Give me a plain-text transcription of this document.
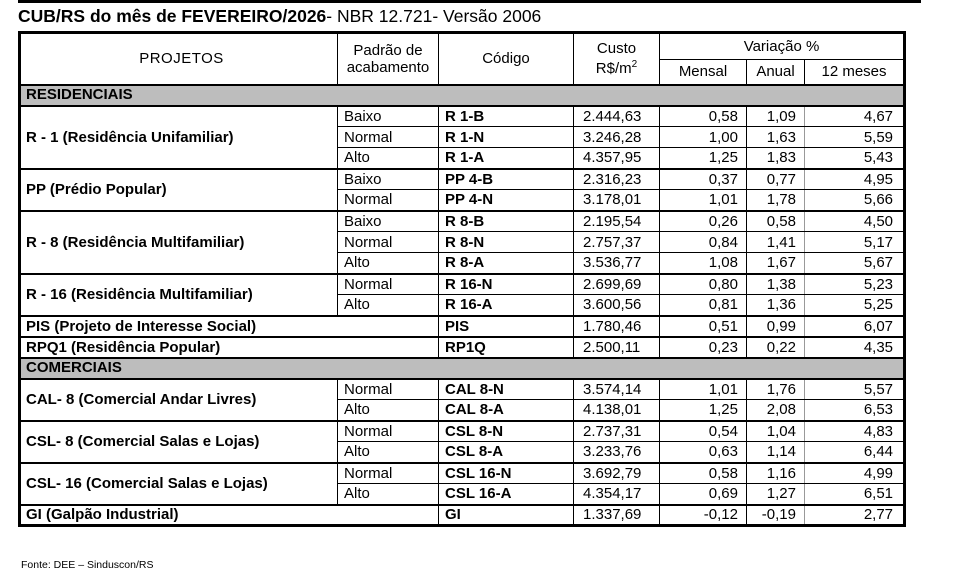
CUB/RS do mês de FEVEREIRO/2026- NBR 12.721- Versão 2006
PROJETOS	Padrão de acabamento	Código	Custo
$R\$/m^2$	Variação %		
				Mensal	Anual	12 meses
RESIDENCIAIS						
R - 1 (Residência Unifamiliar)	Baixo	R 1-B	2.444,63	0,58	1,09	4,67
	Normal	R 1-N	3.246,28	1,00	1,63	5,59
	Alto	R 1-A	4.357,95	1,25	1,83	5,43
PP (Prédio Popular)	Baixo	PP 4-B	2.316,23	0,37	0,77	4,95
	Normal	PP 4-N	3.178,01	1,01	1,78	5,66
R - 8 (Residência Multifamiliar)	Baixo	R 8-B	2.195,54	0,26	0,58	4,50
	Normal	R 8-N	2.757,37	0,84	1,41	5,17
	Alto	R 8-A	3.536,77	1,08	1,67	5,67
R - 16 (Residência Multifamiliar)	Normal	R 16-N	2.699,69	0,80	1,38	5,23
	Alto	R 16-A	3.600,56	0,81	1,36	5,25
PIS (Projeto de Interesse Social)		PIS	1.780,46	0,51	0,99	6,07
RPQ1 (Residência Popular)		RP1Q	2.500,11	0,23	0,22	4,35
COMERCIAIS						
CAL- 8 (Comercial Andar Livres)	Normal	CAL 8-N	3.574,14	1,01	1,76	5,57
	Alto	CAL 8-A	4.138,01	1,25	2,08	6,53
CSL- 8 (Comercial Salas e Lojas)	Normal	CSL 8-N	2.737,31	0,54	1,04	4,83
	Alto	CSL 8-A	3.233,76	0,63	1,14	6,44
CSL- 16 (Comercial Salas e Lojas)	Normal	CSL 16-N	3.692,79	0,58	1,16	4,99
	Alto	CSL 16-A	4.354,17	0,69	1,27	6,51
GI (Galpão Industrial)		GI	1.337,69	-0,12	-0,19	2,77
Fonte: DEE – Sinduscon/RS
